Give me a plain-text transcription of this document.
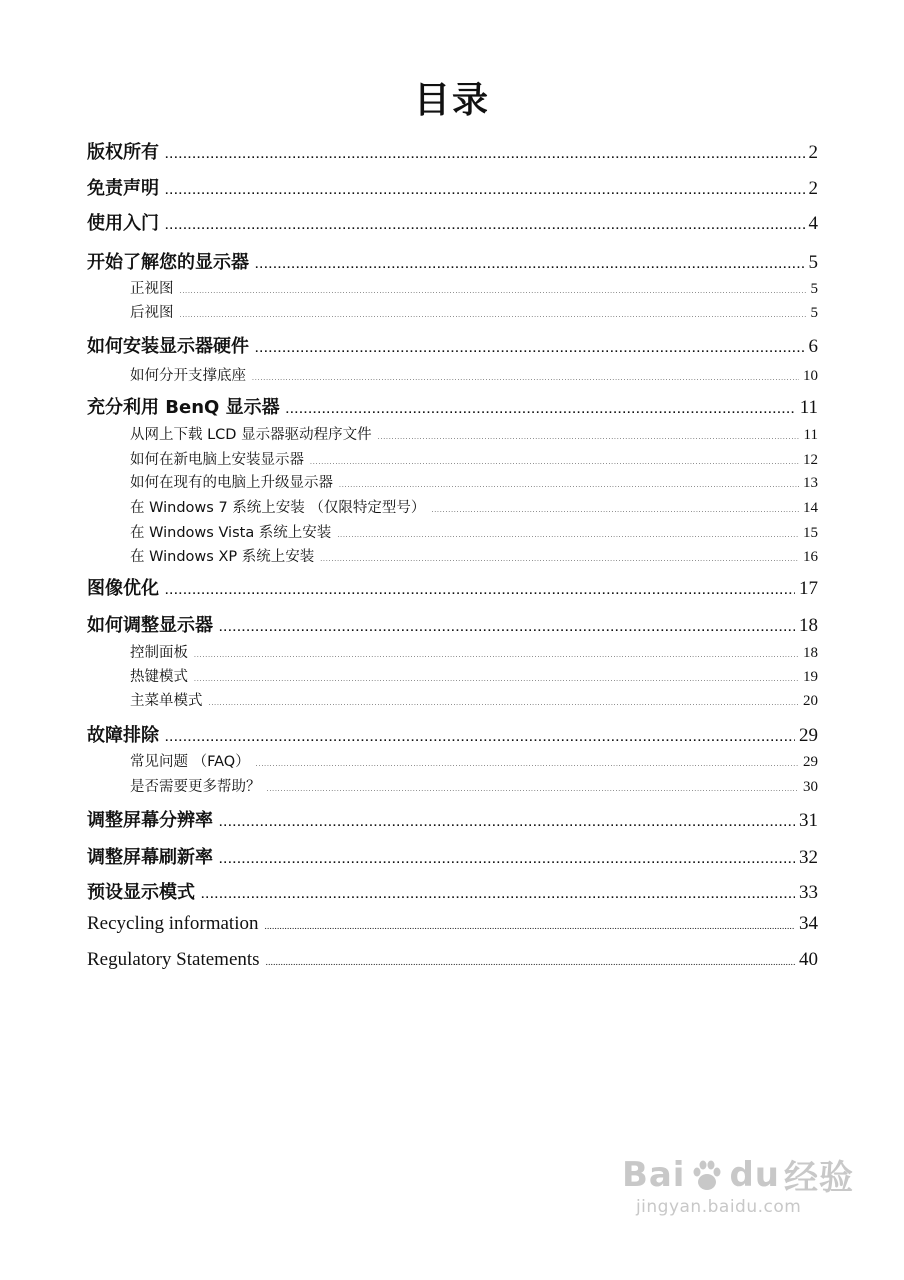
目录
版权所有 . . .	2
免责声明 . . .	2
使用入门 . . .	4
开始了解您的显示器 . . .	5
正视图 . . .	5
后视图 . . .	5
如何安装显示器硬件 . . .	6
如何分开支撑底座 . . .	10
充分利用 BenQ 显示器 . . .	11
从网上下载 LCD 显示器驱动程序文件 . . .	11
如何在新电脑上安装显示器 . . .	12
如何在现有的电脑上升级显示器 . . .	13
在 Windows 7 系统上安装 （仅限特定型号） . . .	14
在 Windows Vista 系统上安装 . . .	15
在 Windows XP 系统上安装 . . .	16
图像优化 . . .	17
如何调整显示器 . . .	18
控制面板 . . .	18
热键模式 . . .	19
主菜单模式 . . .	20
故障排除 . . .	29
常见问题 （FAQ） . . .	29
是否需要更多帮助？ . . .	30
调整屏幕分辨率 . . .	31
调整屏幕刷新率 . . .	32
预设显示模式 . . .	33
Recycling information . . .	34
Regulatory Statements . . .	40
Bai du 经验
jingyan.baidu.com
